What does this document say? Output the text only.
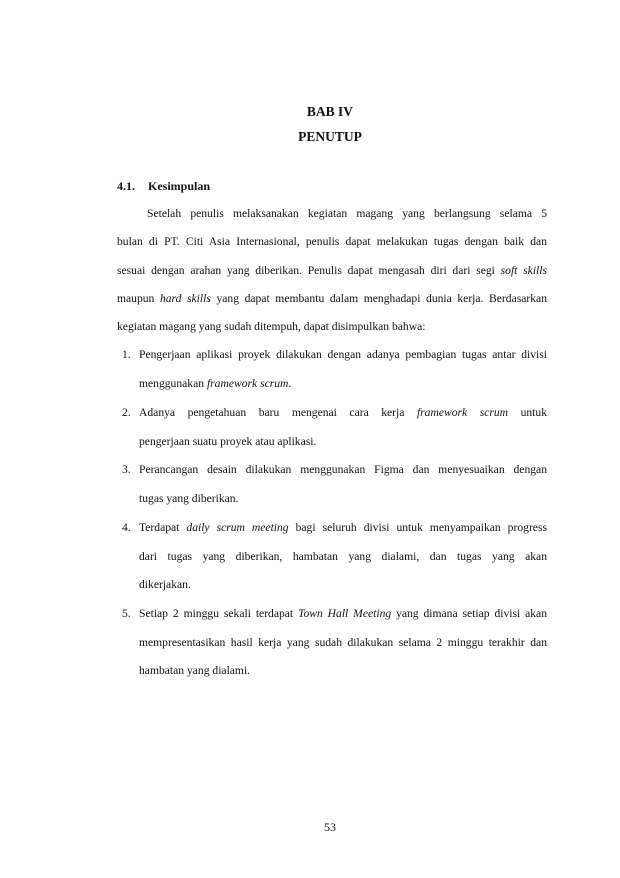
BAB IV
PENUTUP
4.1. Kesimpulan
Setelah penulis melaksanakan kegiatan magang yang berlangsung selama 5
bulan di PT. Citi Asia Internasional, penulis dapat melakukan tugas dengan baik dan
sesuai dengan arahan yang diberikan. Penulis dapat mengasah diri dari segi soft skills
maupun hard skills yang dapat membantu dalam menghadapi dunia kerja. Berdasarkan
kegiatan magang yang sudah ditempuh, dapat disimpulkan bahwa:
1. Pengerjaan aplikasi proyek dilakukan dengan adanya pembagian tugas antar divisi
menggunakan framework scrum.
2. Adanya pengetahuan baru mengenai cara kerja framework scrum untuk
pengerjaan suatu proyek atau aplikasi.
3. Perancangan desain dilakukan menggunakan Figma dan menyesuaikan dengan
tugas yang diberikan.
4. Terdapat daily scrum meeting bagi seluruh divisi untuk menyampaikan progress
dari tugas yang diberikan, hambatan yang dialami, dan tugas yang akan
dikerjakan.
5. Setiap 2 minggu sekali terdapat Town Hall Meeting yang dimana setiap divisi akan
mempresentasikan hasil kerja yang sudah dilakukan selama 2 minggu terakhir dan
hambatan yang dialami.
53
